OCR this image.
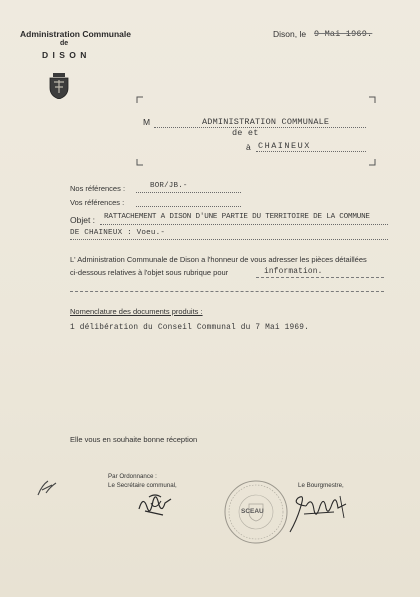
Administration Communale
de
D I S O N
Dison, le 9 Mai 1969.
M	ADMINISTRATION COMMUNALE
de et
à CHAINEUX
Nos références :	BOR/JB.-
Vos références :
Objet : RATTACHEMENT A DISON D'UNE PARTIE DU TERRITOIRE DE LA COMMUNE
DE CHAINEUX : Voeu.-
L' Administration Communale de Dison a l'honneur de vous adresser les pièces détaillées
ci-dessous relatives à l'objet sous rubrique pour	information.
Nomenclature des documents produits :
1 délibération du Conseil Communal du 7 Mai 1969.
Elle vous en souhaite bonne réception
Par Ordonnance :
Le Secrétaire communal,	Le Bourgmestre,
SCEAU
